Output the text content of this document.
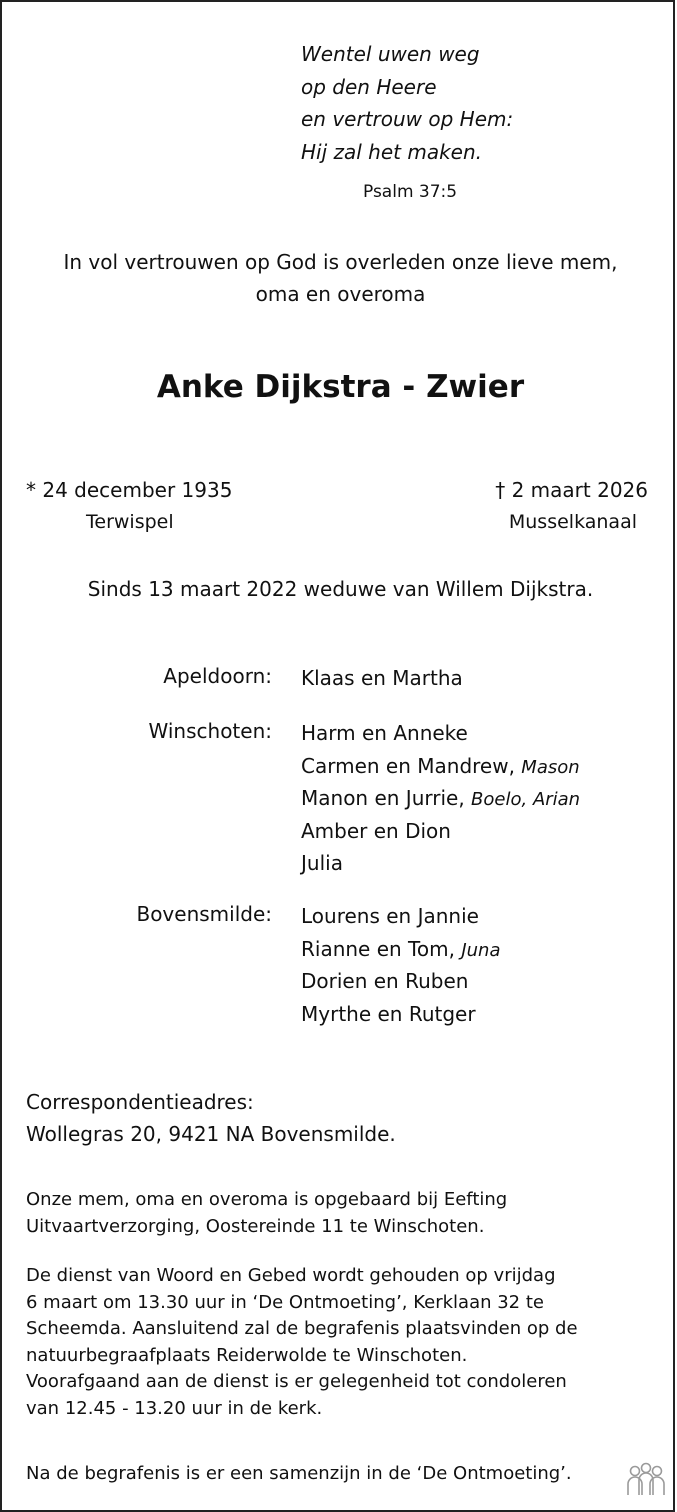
Wentel uwen weg
op den Heere
en vertrouw op Hem:
Hij zal het maken.
Psalm 37:5
In vol vertrouwen op God is overleden onze lieve mem,
oma en overoma
Anke Dijkstra - Zwier
* 24 december 1935
Terwispel
† 2 maart 2026
Musselkanaal
Sinds 13 maart 2022 weduwe van Willem Dijkstra.
Apeldoorn: Klaas en Martha
Winschoten: Harm en Anneke
Carmen en Mandrew, Mason
Manon en Jurrie, Boelo, Arian
Amber en Dion
Julia
Bovensmilde: Lourens en Jannie
Rianne en Tom, Juna
Dorien en Ruben
Myrthe en Rutger
Correspondentieadres:
Wollegras 20, 9421 NA Bovensmilde.
Onze mem, oma en overoma is opgebaard bij Eefting
Uitvaartverzorging, Oostereinde 11 te Winschoten.
De dienst van Woord en Gebed wordt gehouden op vrijdag
6 maart om 13.30 uur in ‘De Ontmoeting’, Kerklaan 32 te
Scheemda. Aansluitend zal de begrafenis plaatsvinden op de
natuurbegraafplaats Reiderwolde te Winschoten.
Voorafgaand aan de dienst is er gelegenheid tot condoleren
van 12.45 - 13.20 uur in de kerk.
Na de begrafenis is er een samenzijn in de ‘De Ontmoeting’.
